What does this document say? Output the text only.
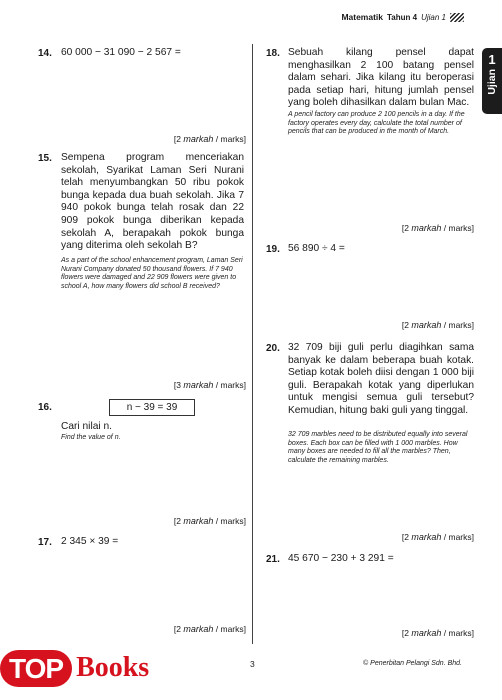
Matematik Tahun 4 Ujian 1
1
Ujian
14. 60 000 − 31 090 − 2 567 =
[2 markah / marks]
15. Sempena program menceriakan sekolah, Syarikat Laman Seri Nurani telah menyumbangkan 50 ribu pokok bunga kepada dua buah sekolah. Jika 7 940 pokok bunga telah rosak dan 22 909 pokok bunga diberikan kepada sekolah A, berapakah pokok bunga yang diterima oleh sekolah B?
As a part of the school enhancement program, Laman Seri Nurani Company donated 50 thousand flowers. If 7 940 flowers were damaged and 22 909 flowers were given to school A, how many flowers did school B received?
[3 markah / marks]
16.	n − 39 = 39
Cari nilai n.
Find the value of n.
[2 markah / marks]
17. 2 345 × 39 =
[2 markah / marks]
18. Sebuah kilang pensel dapat menghasilkan 2 100 batang pensel dalam sehari. Jika kilang itu beroperasi pada setiap hari, hitung jumlah pensel yang boleh dihasilkan dalam bulan Mac.
A pencil factory can produce 2 100 pencils in a day. If the factory operates every day, calculate the total number of pencils that can be produced in the month of March.
[2 markah / marks]
19. 56 890 ÷ 4 =
[2 markah / marks]
20. 32 709 biji guli perlu diagihkan sama banyak ke dalam beberapa buah kotak. Setiap kotak boleh diisi dengan 1 000 biji guli. Berapakah kotak yang diperlukan untuk mengisi semua guli tersebut? Kemudian, hitung baki guli yang tinggal.
32 709 marbles need to be distributed equally into several boxes. Each box can be filled with 1 000 marbles. How many boxes are needed to fill all the marbles? Then, calculate the remaining marbles.
[2 markah / marks]
21. 45 670 − 230 + 3 291 =
[2 markah / marks]
3	© Penerbitan Pelangi Sdn. Bhd.
TOP Books
